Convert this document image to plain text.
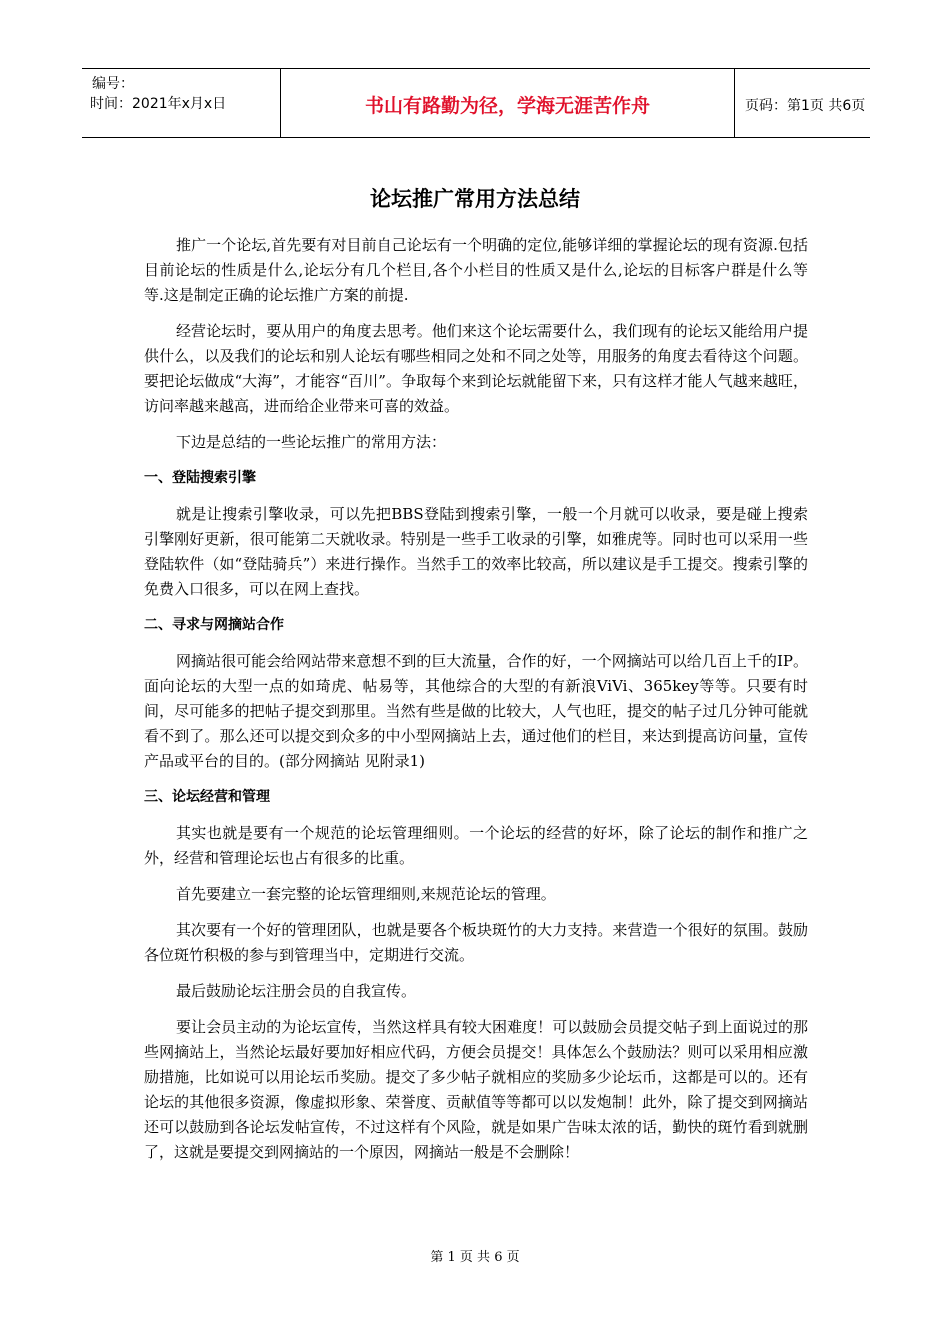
编号：
时间：2021年x月x日	书山有路勤为径，学海无涯苦作舟	页码：第1页 共6页
论坛推广常用方法总结

推广一个论坛,首先要有对目前自己论坛有一个明确的定位,能够详细的掌握论坛的现有资源.包括目前论坛的性质是什么,论坛分有几个栏目,各个小栏目的性质又是什么,论坛的目标客户群是什么等等.这是制定正确的论坛推广方案的前提.

经营论坛时，要从用户的角度去思考。他们来这个论坛需要什么，我们现有的论坛又能给用户提供什么，以及我们的论坛和别人论坛有哪些相同之处和不同之处等，用服务的角度去看待这个问题。要把论坛做成“大海”，才能容“百川”。争取每个来到论坛就能留下来，只有这样才能人气越来越旺，访问率越来越高，进而给企业带来可喜的效益。

下边是总结的一些论坛推广的常用方法：

一、登陆搜索引擎

就是让搜索引擎收录，可以先把BBS登陆到搜索引擎，一般一个月就可以收录，要是碰上搜索引擎刚好更新，很可能第二天就收录。特别是一些手工收录的引擎，如雅虎等。同时也可以采用一些登陆软件（如“登陆骑兵”）来进行操作。当然手工的效率比较高，所以建议是手工提交。搜索引擎的免费入口很多，可以在网上查找。

二、寻求与网摘站合作

网摘站很可能会给网站带来意想不到的巨大流量，合作的好，一个网摘站可以给几百上千的IP。面向论坛的大型一点的如琦虎、帖易等，其他综合的大型的有新浪ViVi、365key等等。只要有时间，尽可能多的把帖子提交到那里。当然有些是做的比较大，人气也旺，提交的帖子过几分钟可能就看不到了。那么还可以提交到众多的中小型网摘站上去，通过他们的栏目，来达到提高访问量，宣传产品或平台的目的。(部分网摘站 见附录1)

三、论坛经营和管理

其实也就是要有一个规范的论坛管理细则。一个论坛的经营的好坏，除了论坛的制作和推广之外，经营和管理论坛也占有很多的比重。

首先要建立一套完整的论坛管理细则,来规范论坛的管理。

其次要有一个好的管理团队，也就是要各个板块斑竹的大力支持。来营造一个很好的氛围。鼓励各位斑竹积极的参与到管理当中，定期进行交流。

最后鼓励论坛注册会员的自我宣传。

要让会员主动的为论坛宣传，当然这样具有较大困难度！可以鼓励会员提交帖子到上面说过的那些网摘站上，当然论坛最好要加好相应代码，方便会员提交！具体怎么个鼓励法？则可以采用相应激励措施，比如说可以用论坛币奖励。提交了多少帖子就相应的奖励多少论坛币，这都是可以的。还有论坛的其他很多资源，像虚拟形象、荣誉度、贡献值等等都可以以发炮制！此外，除了提交到网摘站还可以鼓励到各论坛发帖宣传，不过这样有个风险，就是如果广告味太浓的话，勤快的斑竹看到就删了，这就是要提交到网摘站的一个原因，网摘站一般是不会删除！

第 1 页 共 6 页
